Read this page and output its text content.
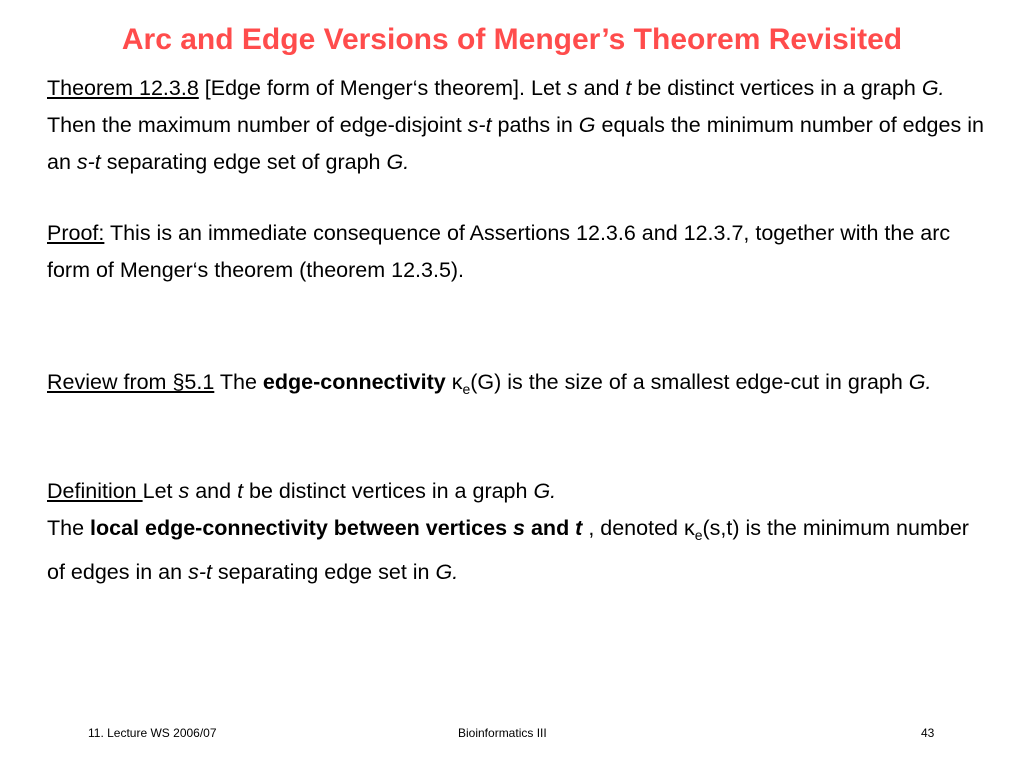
Arc and Edge Versions of Menger’s Theorem Revisited
Theorem 12.3.8 [Edge form of Menger‘s theorem]. Let s and t be distinct vertices in a graph G. Then the maximum number of edge-disjoint s-t paths in G equals the minimum number of edges in an s-t separating edge set of graph G.
Proof: This is an immediate consequence of Assertions 12.3.6 and 12.3.7, together with the arc form of Menger‘s theorem (theorem 12.3.5).
Review from §5.1 The edge-connectivity $\kappa_e(G)$ is the size of a smallest edge-cut in graph G.
Definition Let s and t be distinct vertices in a graph G.
The local edge-connectivity between vertices s and t , denoted $\kappa_e(s,t)$ is the minimum number of edges in an s-t separating edge set in G.
11. Lecture WS 2006/07	Bioinformatics III	43
